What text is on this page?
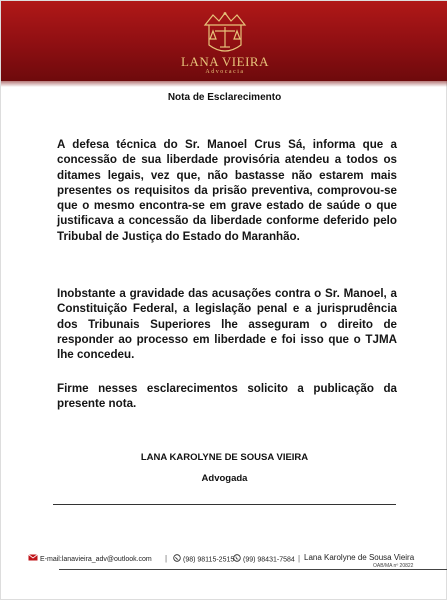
LANA VIEIRA
Advocacia
Nota de Esclarecimento
A defesa técnica do Sr. Manoel Crus Sá, informa que a concessão de sua liberdade provisória atendeu a todos os ditames legais, vez que, não bastasse não estarem mais presentes os requisitos da prisão preventiva, comprovou-se que o mesmo encontra-se em grave estado de saúde o que justificava a concessão da liberdade conforme deferido pelo Tribubal de Justiça do Estado do Maranhão.
Inobstante a gravidade das acusações contra o Sr. Manoel, a Constituição Federal, a legislação penal e a jurisprudência dos Tribunais Superiores lhe asseguram o direito de responder ao processo em liberdade e foi isso que o TJMA lhe concedeu.
Firme nesses esclarecimentos solicito a publicação da presente nota.
LANA KAROLYNE DE SOUSA VIEIRA
Advogada
E-mail:lanavieira_adv@outlook.com |	(98) 98115-2515	(99) 98431-7584 | Lana Karolyne de Sousa Vieira
OAB/MA nº 20822
